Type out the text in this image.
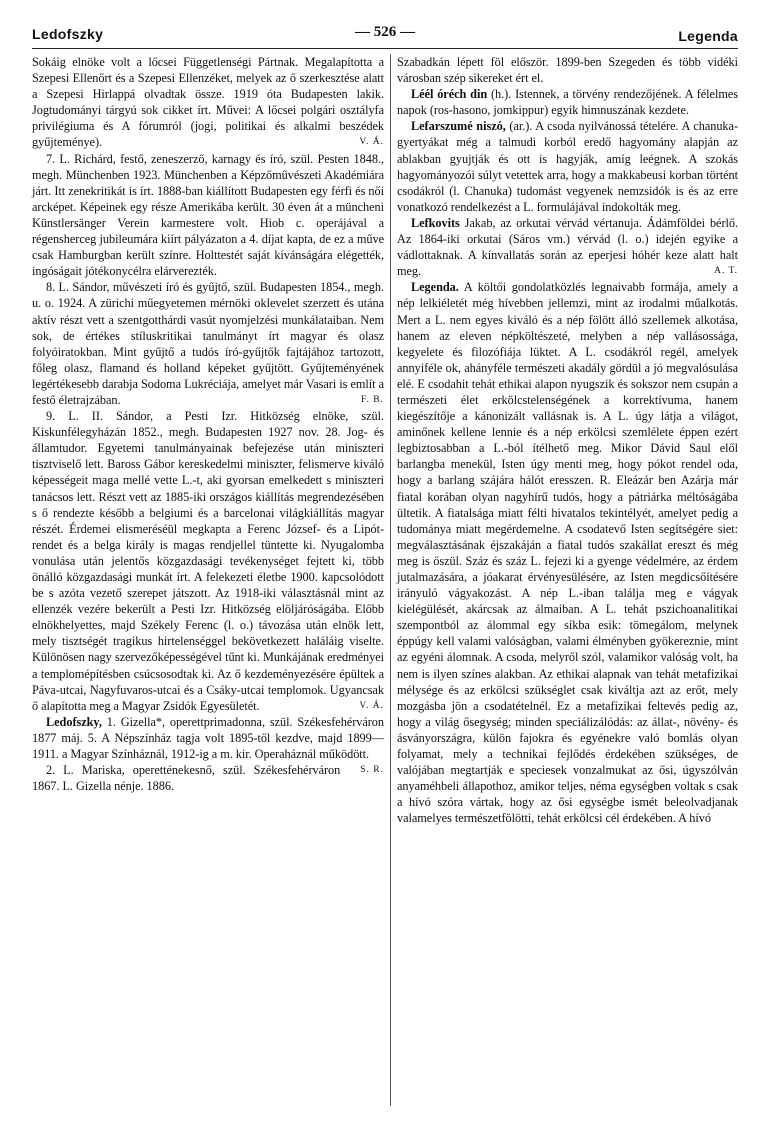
Ledofszky	— 526 —	Legenda

Sokáig elnöke volt a lőcsei Függetlenségi Pártnak. Megalapította a Szepesi Ellenőrt és a Szepesi Ellenzéket, melyek az ő szerkesztése alatt a Szepesi Hirlappá olvadtak össze. 1919 óta Budapesten lakik. Jogtudományi tárgyú sok cikket írt. Művei: A lőcsei polgári osztályfa privilégiuma és A fórumról (jogi, politikai és alkalmi beszédek gyűjteménye).	V. Á.

7. L. Richárd, festő, zeneszerző, karnagy és író, szül. Pesten 1848., megh. Münchenben 1923. Münchenben a Képzőművészeti Akadémiára járt. Itt zenekritikát is írt. 1888-ban kiállított Budapesten egy férfi és női arcképet. Képeinek egy része Amerikába került. 30 éven át a müncheni Künstlersänger Verein karmestere volt. Hiob c. operájával a régensherceg jubileumára kiírt pályázaton a 4. díjat kapta, de ez a műve csak Hamburgban került színre. Holttestét saját kívánságára elégették, ingóságait jótékonycélra elárverezték.

8. L. Sándor, művészeti író és gyűjtő, szül. Budapesten 1854., megh. u. o. 1924. A zürichi műegyetemen mérnöki oklevelet szerzett és utána aktív részt vett a szentgotthárdi vasút nyomjelzési munkálataiban. Nem sok, de értékes stíluskritikai tanulmányt írt magyar és olasz folyóiratokban. Mint gyűjtő a tudós író-gyűjtők fajtájához tartozott, főleg olasz, flamand és holland képeket gyűjtött. Gyűjteményének legértékesebb darabja Sodoma Lukréciája, amelyet már Vasari is említ a festő életrajzában.	F. B.

9. L. II. Sándor, a Pesti Izr. Hitközség elnöke, szül. Kiskunfélegyházán 1852., megh. Budapesten 1927 nov. 28. Jog- és államtudor. Egyetemi tanulmányainak befejezése után miniszteri tisztviselő lett. Baross Gábor kereskedelmi miniszter, felismerve kiváló képességeit maga mellé vette L.-t, aki gyorsan emelkedett s miniszteri tanácsos lett. Részt vett az 1885-iki országos kiállítás megrendezésében s ő rendezte később a belgiumi és a barcelonai világkiállítás magyar részét. Érdemei elismeréséül megkapta a Ferenc József- és a Lipót-rendet és a belga király is magas rendjellel tüntette ki. Nyugalomba vonulása után jelentős közgazdasági tevékenységet fejtett ki, több önálló közgazdasági munkát írt. A felekezeti életbe 1900. kapcsolódott be s azóta vezető szerepet játszott. Az 1918-iki választásnál mint az ellenzék vezére bekerült a Pesti Izr. Hitközség elöljáróságába. Előbb elnökhelyettes, majd Székely Ferenc (l. o.) távozása után elnök lett, mely tisztségét tragikus hirtelenséggel bekövetkezett haláláig viselte. Különösen nagy szervezőképességével tűnt ki. Munkájának eredményei a templomépítésben csúcsosodtak ki. Az ő kezdeményezésére épültek a Páva-utcai, Nagyfuvaros-utcai és a Csáky-utcai templomok. Ugyancsak ő alapította meg a Magyar Zsidók Egyesületét.	V. Á.

Ledofszky, 1. Gizella*, operettprimadonna, szül. Székesfehérváron 1877 máj. 5. A Népszínház tagja volt 1895-től kezdve, majd 1899—1911. a Magyar Színháznál, 1912-ig a m. kir. Operaháznál működött.
S. R.

2. L. Mariska, operetténekesnő, szül. Székesfehérváron 1867. L. Gizella nénje. 1886.

Szabadkán lépett föl először. 1899-ben Szegeden és több vidéki városban szép sikereket ért el.

Léél óréch din (h.). Istennek, a törvény rendezőjének. A félelmes napok (ros-hasono, jomkippur) egyik himnuszának kezdete.

Lefarszumé niszó, (ar.). A csoda nyilvánossá tételére. A chanuka-gyertyákat még a talmudi korból eredő hagyomány alapján az ablakban gyujtják és ott is hagyják, amíg leégnek. A szokás hagyományozói súlyt vetettek arra, hogy a makkabeusi korban történt csodákról (l. Chanuka) tudomást vegyenek nemzsidók is és az erre vonatkozó rendelkezést a L. formulájával indokolták meg.

Lefkovits Jakab, az orkutai vérvád vértanuja. Ádámföldei bérlő. Az 1864-iki orkutai (Sáros vm.) vérvád (l. o.) idején egyike a vádlottaknak. A kínvallatás során az eperjesi hóhér keze alatt halt meg.	A. T.

Legenda. A költői gondolatközlés legnaivabb formája, amely a nép lelkiéletét még hívebben jellemzi, mint az irodalmi műalkotás. Mert a L. nem egyes kiváló és a nép fölött álló szellemek alkotása, hanem az eleven népköltészeté, melyben a nép vallásossága, kegyelete és filozófiája lüktet. A L. csodákról regél, amelyek annyiféle ok, ahányféle természeti akadály gördül a jó megvalósulása elé. E csodahit tehát ethikai alapon nyugszik és sokszor nem csupán a természeti élet erkölcstelenségének a korrektívuma, hanem kiegészítője a kánonizált vallásnak is. A L. úgy látja a világot, aminőnek kellene lennie és a nép erkölcsi szemlélete éppen ezért legbiztosabban a L.-ból ítélhető meg. Mikor Dávid Saul elől barlangba menekül, Isten úgy menti meg, hogy pókot rendel oda, hogy a barlang szájára hálót eresszen. R. Eleázár ben Azárja már fiatal korában olyan nagyhírű tudós, hogy a pátriárka méltóságába ültetik. A fiatalsága miatt félti hivatalos tekintélyét, amelyet pedig a tudománya miatt megérdemelne. A csodatevő Isten segítségére siet: megválasztásának éjszakáján a fiatal tudós szakállat ereszt és még meg is őszül. Száz és száz L. fejezi ki a gyenge védelmére, az érdem jutalmazására, a jóakarat érvényesülésére, az Isten megdicsőítésére irányuló vágyakozást. A nép L.-iban találja meg e vágyak kielégülését, akárcsak az álmaiban. A L. tehát pszichoanalitikai szempontból az álommal egy síkba esik: tömegálom, melynek éppúgy kell valami valóságban, valami élményben gyökereznie, mint az egyéni álomnak. A csoda, melyről szól, valamikor valóság volt, ha nem is ilyen színes alakban. Az ethikai alapnak van tehát metafizikai mélysége és az erkölcsi szükséglet csak kiváltja azt az erőt, mely mozgásba jön a csodatételnél. Ez a metafizikai feltevés pedig az, hogy a világ ősegység; minden speciálizálódás: az állat-, növény- és ásványországra, külön fajokra és egyénekre való bomlás olyan folyamat, mely a technikai fejlődés érdekében szükséges, de valójában megtartják e speciesek vonzalmukat az ősi, úgyszólván anyaméhbeli állapothoz, amikor teljes, néma egységben voltak s csak a hívó szóra vártak, hogy az ősi egységbe ismét beleolvadjanak valamelyes természetfölötti, tehát erkölcsi cél érdekében. A hívó
